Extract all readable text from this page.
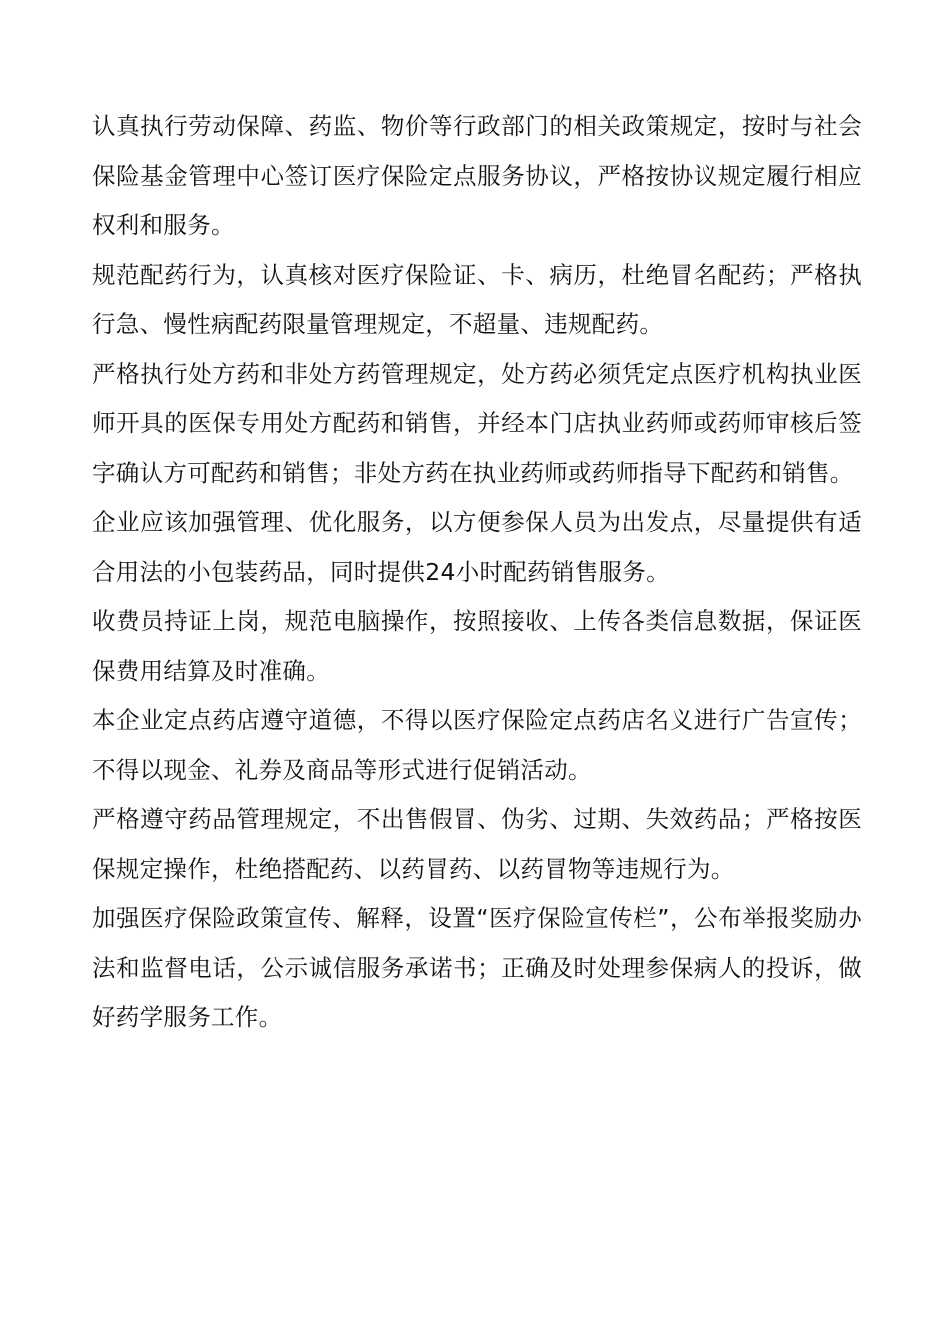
认真执行劳动保障、药监、物价等行政部门的相关政策规定，按时与社会保险基金管理中心签订医疗保险定点服务协议，严格按协议规定履行相应权利和服务。

规范配药行为，认真核对医疗保险证、卡、病历，杜绝冒名配药；严格执行急、慢性病配药限量管理规定，不超量、违规配药。

严格执行处方药和非处方药管理规定，处方药必须凭定点医疗机构执业医师开具的医保专用处方配药和销售，并经本门店执业药师或药师审核后签字确认方可配药和销售；非处方药在执业药师或药师指导下配药和销售。

企业应该加强管理、优化服务，以方便参保人员为出发点，尽量提供有适合用法的小包装药品，同时提供24小时配药销售服务。

收费员持证上岗，规范电脑操作，按照接收、上传各类信息数据，保证医保费用结算及时准确。

本企业定点药店遵守道德，不得以医疗保险定点药店名义进行广告宣传；不得以现金、礼券及商品等形式进行促销活动。

严格遵守药品管理规定，不出售假冒、伪劣、过期、失效药品；严格按医保规定操作，杜绝搭配药、以药冒药、以药冒物等违规行为。

加强医疗保险政策宣传、解释，设置“医疗保险宣传栏”，公布举报奖励办法和监督电话，公示诚信服务承诺书；正确及时处理参保病人的投诉，做好药学服务工作。
